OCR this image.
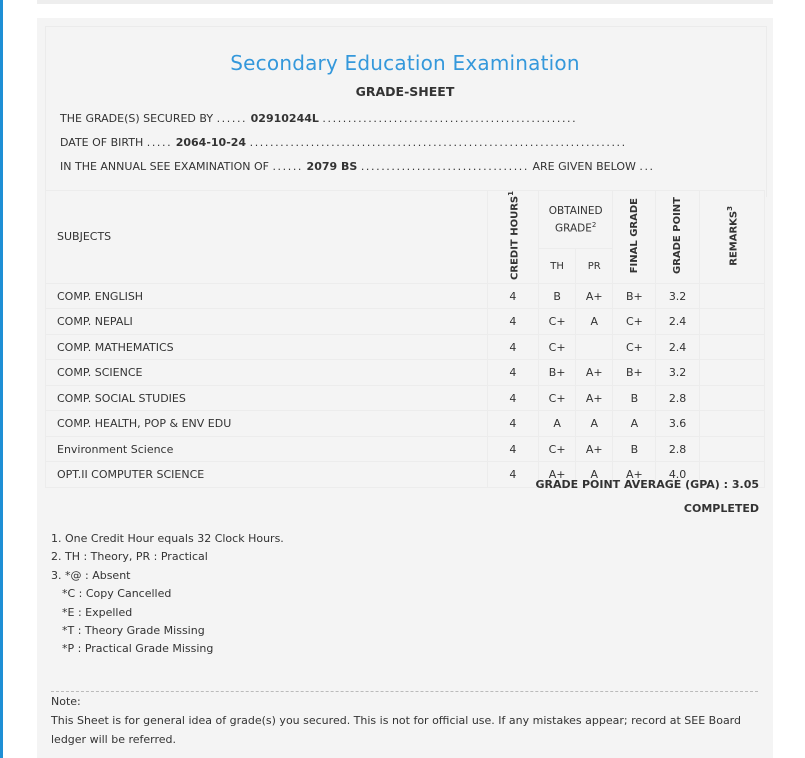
Secondary Education Examination
GRADE-SHEET
THE GRADE(S) SECURED BY ...... 02910244L ..................................................
DATE OF BIRTH ..... 2064-10-24 ..........................................................................
IN THE ANNUAL SEE EXAMINATION OF ...... 2079 BS ................................. ARE GIVEN BELOW ...
SUBJECTS	CREDIT HOURS$^1$	OBTAINED GRADE$^2$		FINAL GRADE	GRADE POINT	REMARKS$^3$
		TH	PR			
COMP. ENGLISH	4	B	A+	B+	3.2	
COMP. NEPALI	4	C+	A	C+	2.4	
COMP. MATHEMATICS	4	C+		C+	2.4	
COMP. SCIENCE	4	B+	A+	B+	3.2	
COMP. SOCIAL STUDIES	4	C+	A+	B	2.8	
COMP. HEALTH, POP & ENV EDU	4	A	A	A	3.6	
Environment Science	4	C+	A+	B	2.8	
OPT.II COMPUTER SCIENCE	4	A+	A	A+	4.0	
GRADE POINT AVERAGE (GPA) : 3.05
COMPLETED
1. One Credit Hour equals 32 Clock Hours.
2. TH : Theory, PR : Practical
3. *@ : Absent
*C : Copy Cancelled
*E : Expelled
*T : Theory Grade Missing
*P : Practical Grade Missing
Note:
This Sheet is for general idea of grade(s) you secured. This is not for official use. If any mistakes appear; record at SEE Board ledger will be referred.
